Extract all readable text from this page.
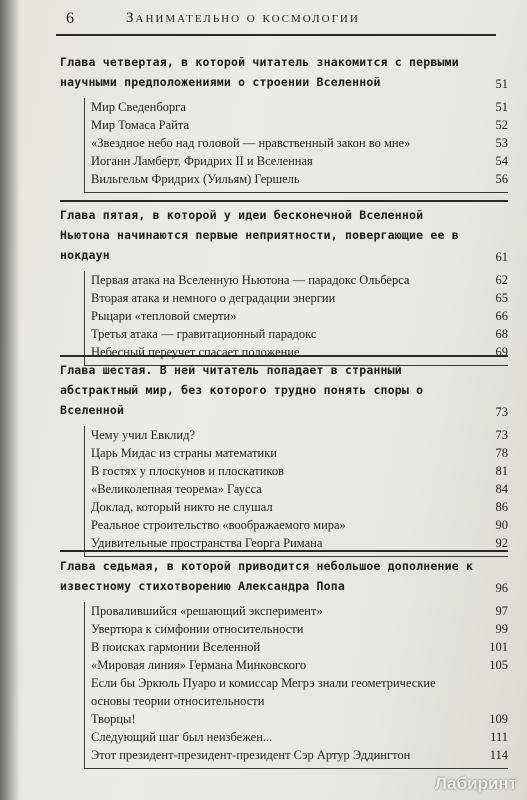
6	Занимательно о космологии
Глава четвертая, в которой читатель знакомится с первыми научными предположениями о строении Вселенной	51
Мир Сведенборга	51
Мир Томаса Райта	52
«Звездное небо над головой — нравственный закон во мне»	53
Иоганн Ламберт, Фридрих II и Вселенная	54
Вильгельм Фридрих (Уильям) Гершель	56
Глава пятая, в которой у идеи бесконечной Вселенной Ньютона начинаются первые неприятности, повергающие ее в нокдаун	61
Первая атака на Вселенную Ньютона — парадокс Ольберса	62
Вторая атака и немного о деградации энергии	65
Рыцари «тепловой смерти»	66
Третья атака — гравитационный парадокс	68
Небесный переучет спасает положение	69
Глава шестая. В ней читатель попадает в странный абстрактный мир, без которого трудно понять споры о Вселенной	73
Чему учил Евклид?	73
Царь Мидас из страны математики	78
В гостях у плоскунов и плоскатиков	81
«Великолепная теорема» Гаусса	84
Доклад, который никто не слушал	86
Реальное строительство «воображаемого мира»	90
Удивительные пространства Георга Римана	92
Глава седьмая, в которой приводится небольшое дополнение к известному стихотворению Александра Попа	96
Провалившийся «решающий эксперимент»	97
Увертюра к симфонии относительности	99
В поисках гармонии Вселенной	101
«Мировая линия» Германа Минковского	105
Если бы Эркюль Пуаро и комиссар Мегрэ знали геометрические основы теории относительности
Творцы!	109
Следующий шаг был неизбежен...	111
Этот президент-президент-президент Сэр Артур Эддингтон	114
Лабиринт
